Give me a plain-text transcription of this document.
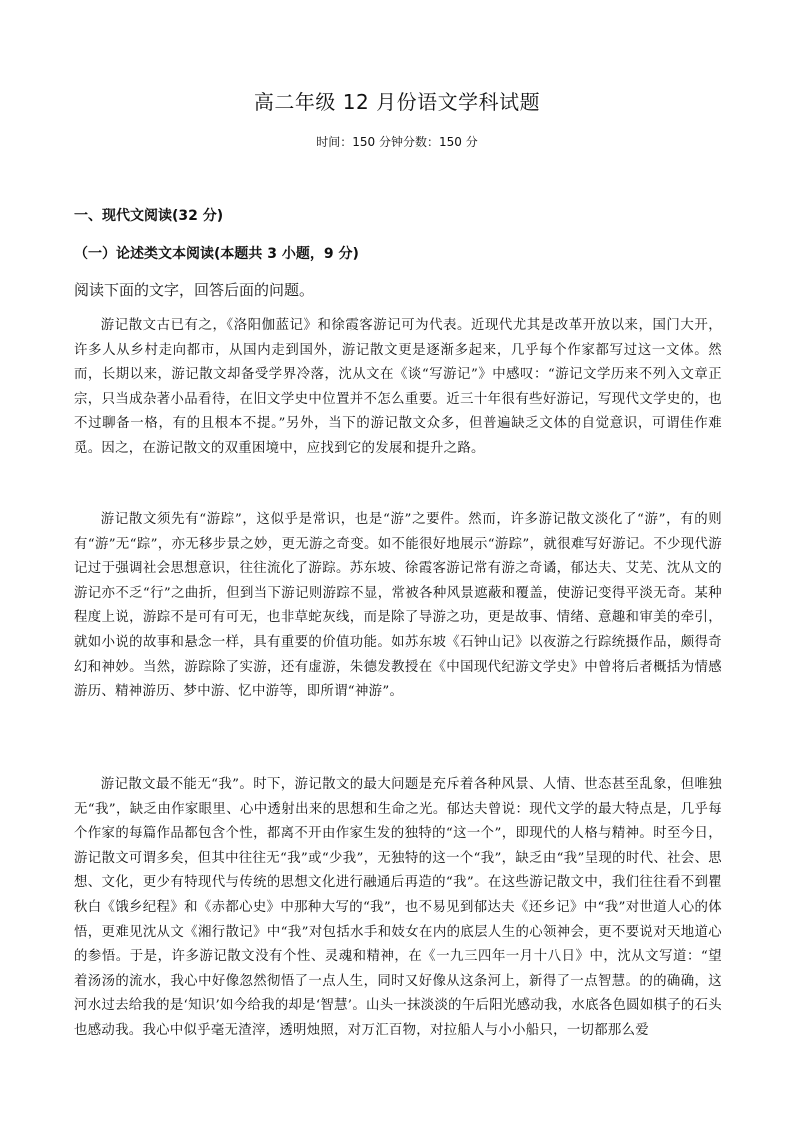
高二年级 12 月份语文学科试题
时间：150 分钟分数：150 分
一、现代文阅读(32 分)
（一）论述类文本阅读(本题共 3 小题，9 分)
阅读下面的文字，回答后面的问题。

游记散文古已有之，《洛阳伽蓝记》和徐霞客游记可为代表。近现代尤其是改革开放以来，国门大开，许多人从乡村走向都市，从国内走到国外，游记散文更是逐渐多起来，几乎每个作家都写过这一文体。然而，长期以来，游记散文却备受学界冷落，沈从文在《谈“写游记”》中感叹：“游记文学历来不列入文章正宗，只当成杂著小品看待，在旧文学史中位置并不怎么重要。近三十年很有些好游记，写现代文学史的，也不过聊备一格，有的且根本不提。”另外，当下的游记散文众多，但普遍缺乏文体的自觉意识，可谓佳作难觅。因之，在游记散文的双重困境中，应找到它的发展和提升之路。

游记散文须先有“游踪”，这似乎是常识，也是“游”之要件。然而，许多游记散文淡化了“游”，有的则有“游”无“踪”，亦无移步景之妙，更无游之奇变。如不能很好地展示“游踪”，就很难写好游记。不少现代游记过于强调社会思想意识，往往流化了游踪。苏东坡、徐霞客游记常有游之奇谲，郁达夫、艾芜、沈从文的游记亦不乏“行”之曲折，但到当下游记则游踪不显，常被各种风景遮蔽和覆盖，使游记变得平淡无奇。某种程度上说，游踪不是可有可无，也非草蛇灰线，而是除了导游之功，更是故事、情绪、意趣和审美的牵引，就如小说的故事和悬念一样，具有重要的价值功能。如苏东坡《石钟山记》以夜游之行踪统摄作品，颇得奇幻和神妙。当然，游踪除了实游，还有虚游，朱德发教授在《中国现代纪游文学史》中曾将后者概括为情感游历、精神游历、梦中游、忆中游等，即所谓“神游”。

游记散文最不能无“我”。时下，游记散文的最大问题是充斥着各种风景、人情、世态甚至乱象，但唯独无“我”，缺乏由作家眼里、心中透射出来的思想和生命之光。郁达夫曾说：现代文学的最大特点是，几乎每个作家的每篇作品都包含个性，都离不开由作家生发的独特的“这一个”，即现代的人格与精神。时至今日，游记散文可谓多矣，但其中往往无“我”或“少我”，无独特的这一个“我”，缺乏由“我”呈现的时代、社会、思想、文化，更少有特现代与传统的思想文化进行融通后再造的“我”。在这些游记散文中，我们往往看不到瞿秋白《饿乡纪程》和《赤都心史》中那种大写的“我”，也不易见到郁达夫《还乡记》中“我”对世道人心的体悟，更难见沈从文《湘行散记》中“我”对包括水手和妓女在内的底层人生的心领神会，更不要说对天地道心的参悟。于是，许多游记散文没有个性、灵魂和精神，在《一九三四年一月十八日》中，沈从文写道：“望着汤汤的流水，我心中好像忽然彻悟了一点人生，同时又好像从这条河上，新得了一点智慧。的的确确，这河水过去给我的是‘知识’如今给我的却是‘智慧’。山头一抹淡淡的午后阳光感动我，水底各色圆如棋子的石头也感动我。我心中似乎毫无渣滓，透明烛照，对万汇百物，对拉船人与小小船只，一切都那么爱
